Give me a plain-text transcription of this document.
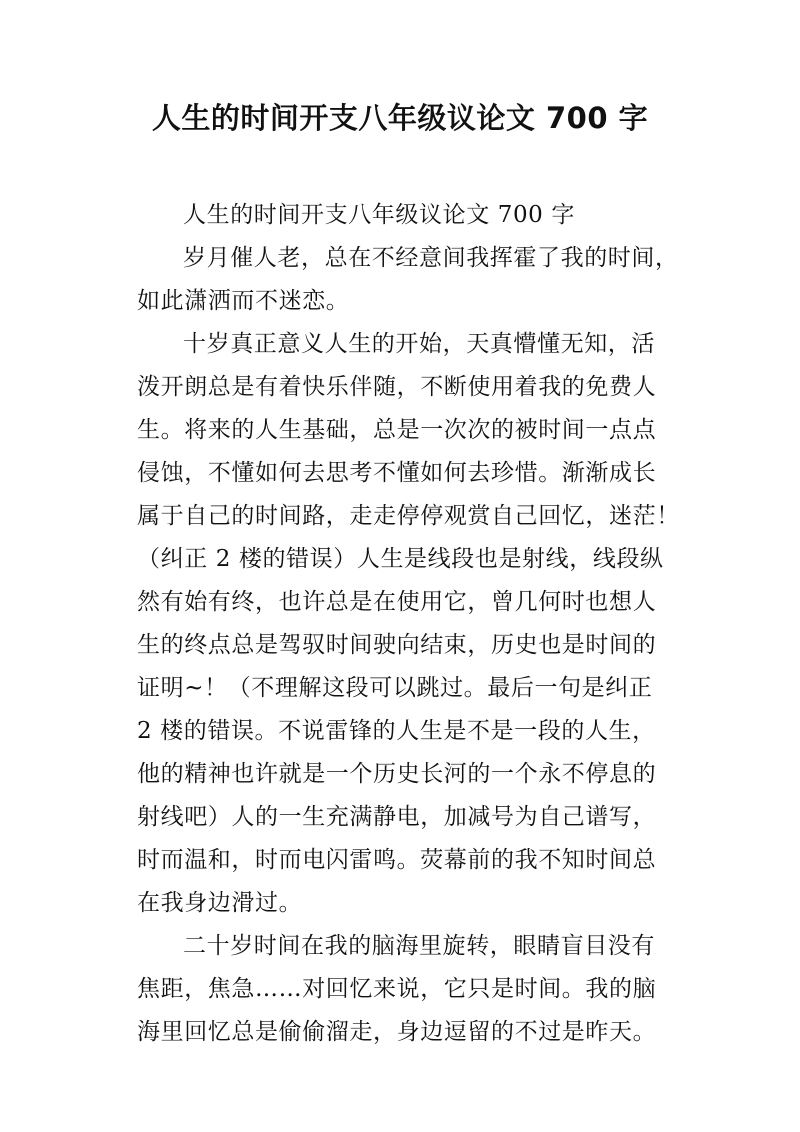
人生的时间开支八年级议论文 700 字

人生的时间开支八年级议论文 700 字

岁月催人老，总在不经意间我挥霍了我的时间，

如此潇洒而不迷恋。

十岁真正意义人生的开始，天真懵懂无知，活

泼开朗总是有着快乐伴随，不断使用着我的免费人

生。将来的人生基础，总是一次次的被时间一点点

侵蚀，不懂如何去思考不懂如何去珍惜。渐渐成长

属于自己的时间路，走走停停观赏自己回忆，迷茫！

（纠正 2 楼的错误）人生是线段也是射线，线段纵

然有始有终，也许总是在使用它，曾几何时也想人

生的终点总是驾驭时间驶向结束，历史也是时间的

证明~！（不理解这段可以跳过。最后一句是纠正

2 楼的错误。不说雷锋的人生是不是一段的人生，

他的精神也许就是一个历史长河的一个永不停息的

射线吧）人的一生充满静电，加减号为自己谱写，

时而温和，时而电闪雷鸣。荧幕前的我不知时间总

在我身边滑过。

二十岁时间在我的脑海里旋转，眼睛盲目没有

焦距，焦急……对回忆来说，它只是时间。我的脑

海里回忆总是偷偷溜走，身边逗留的不过是昨天。
